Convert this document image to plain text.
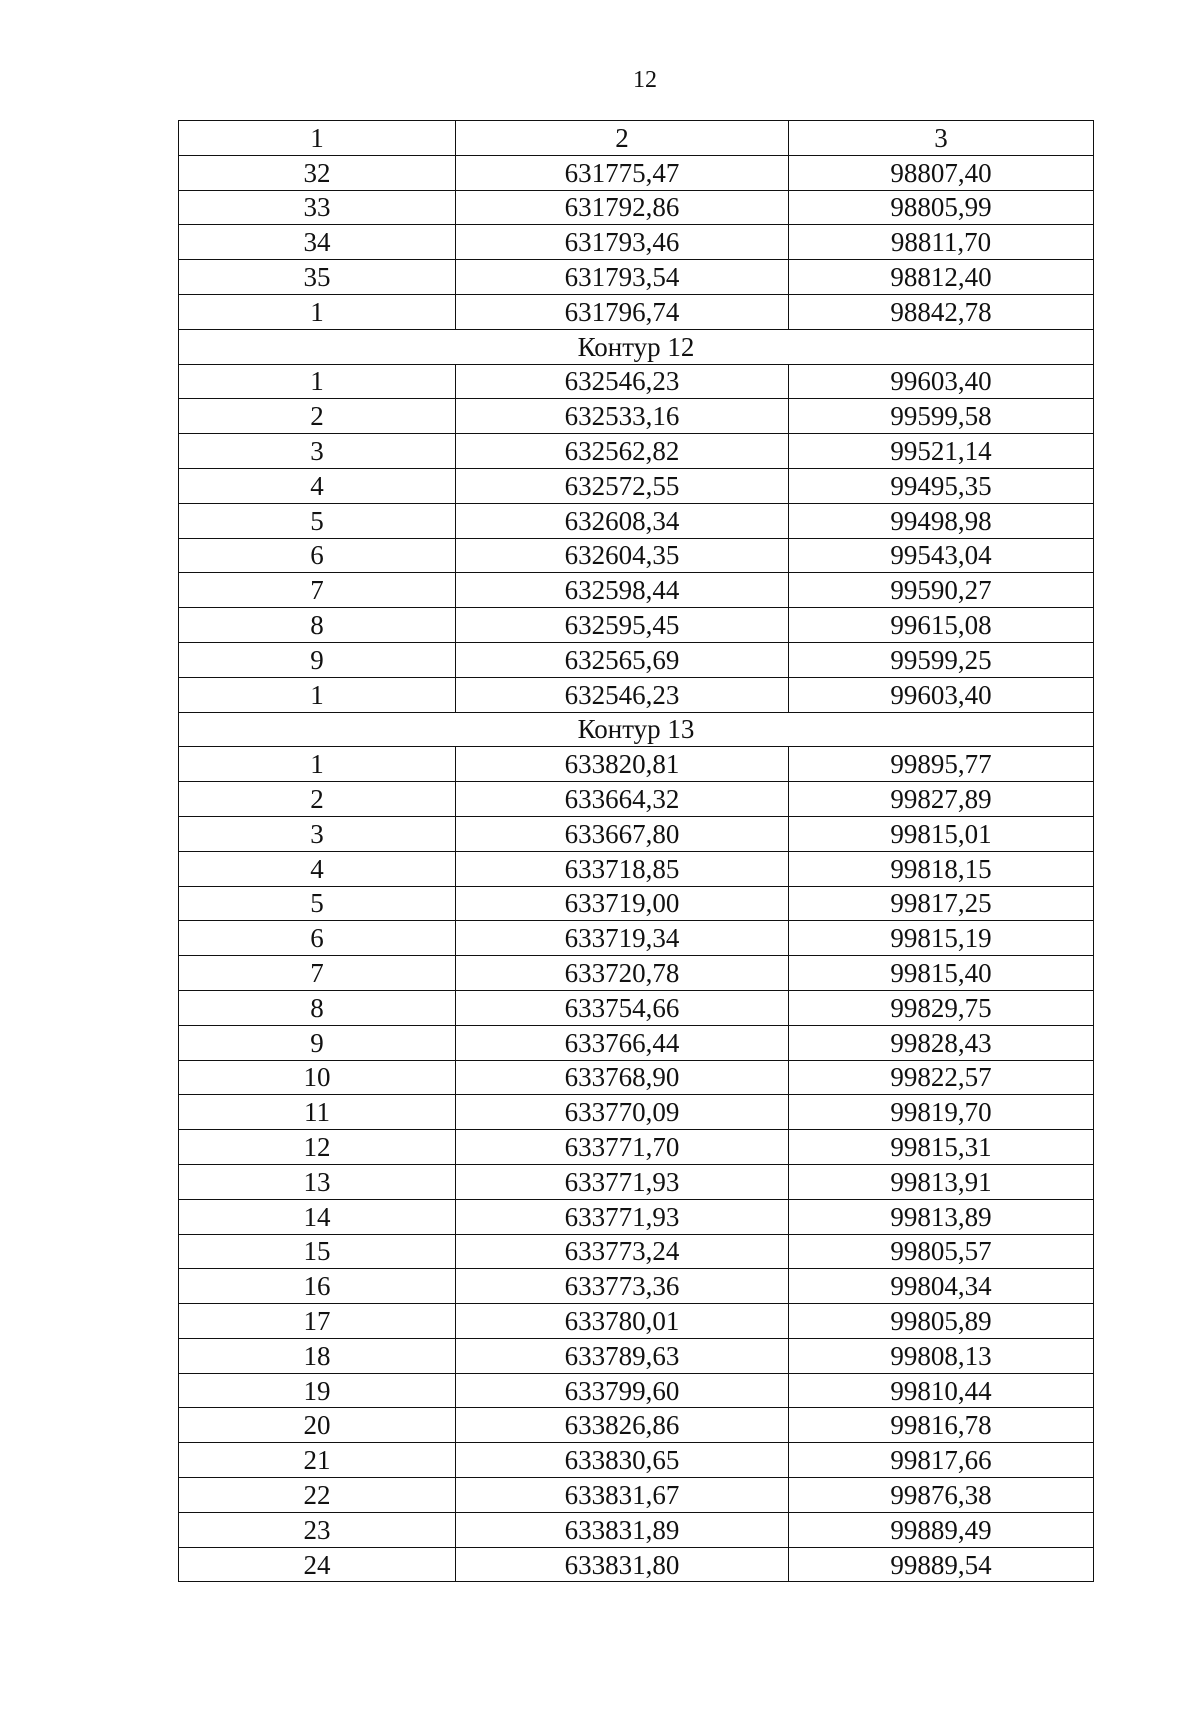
12
1	2	3
32	631775,47	98807,40
33	631792,86	98805,99
34	631793,46	98811,70
35	631793,54	98812,40
1	631796,74	98842,78
Контур 12		
1	632546,23	99603,40
2	632533,16	99599,58
3	632562,82	99521,14
4	632572,55	99495,35
5	632608,34	99498,98
6	632604,35	99543,04
7	632598,44	99590,27
8	632595,45	99615,08
9	632565,69	99599,25
1	632546,23	99603,40
Контур 13		
1	633820,81	99895,77
2	633664,32	99827,89
3	633667,80	99815,01
4	633718,85	99818,15
5	633719,00	99817,25
6	633719,34	99815,19
7	633720,78	99815,40
8	633754,66	99829,75
9	633766,44	99828,43
10	633768,90	99822,57
11	633770,09	99819,70
12	633771,70	99815,31
13	633771,93	99813,91
14	633771,93	99813,89
15	633773,24	99805,57
16	633773,36	99804,34
17	633780,01	99805,89
18	633789,63	99808,13
19	633799,60	99810,44
20	633826,86	99816,78
21	633830,65	99817,66
22	633831,67	99876,38
23	633831,89	99889,49
24	633831,80	99889,54
